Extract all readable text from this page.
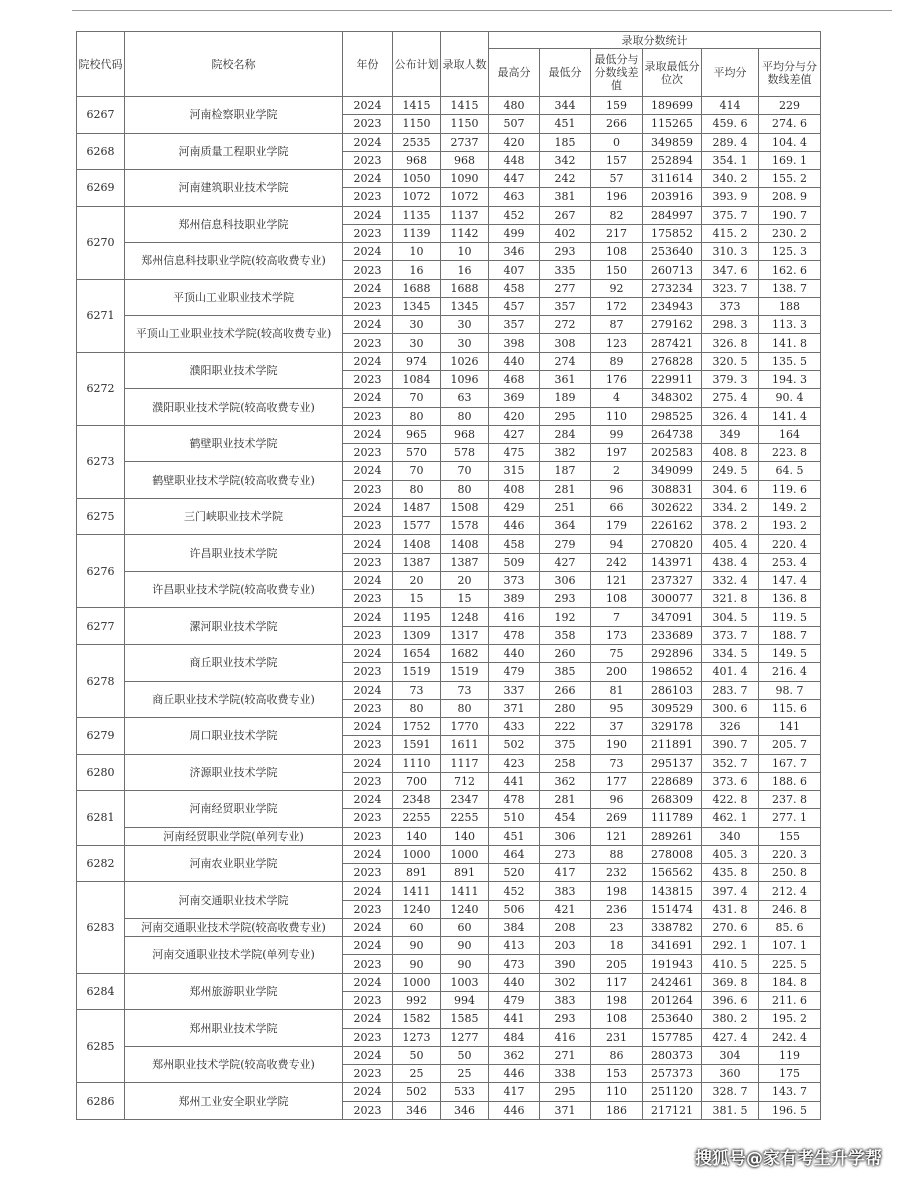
院校代码	院校名称	年份	公布计划	录取人数	录取分数统计					
					最高分	最低分	最低分与分数线差值	录取最低分位次	平均分	平均分与分数线差值
6267	河南检察职业学院	2024	1415	1415	480	344	159	189699	414	229
		2023	1150	1150	507	451	266	115265	459. 6	274. 6
6268	河南质量工程职业学院	2024	2535	2737	420	185	0	349859	289. 4	104. 4
		2023	968	968	448	342	157	252894	354. 1	169. 1
6269	河南建筑职业技术学院	2024	1050	1090	447	242	57	311614	340. 2	155. 2
		2023	1072	1072	463	381	196	203916	393. 9	208. 9
6270	郑州信息科技职业学院	2024	1135	1137	452	267	82	284997	375. 7	190. 7
		2023	1139	1142	499	402	217	175852	415. 2	230. 2
	郑州信息科技职业学院(较高收费专业)	2024	10	10	346	293	108	253640	310. 3	125. 3
		2023	16	16	407	335	150	260713	347. 6	162. 6
6271	平顶山工业职业技术学院	2024	1688	1688	458	277	92	273234	323. 7	138. 7
		2023	1345	1345	457	357	172	234943	373	188
	平顶山工业职业技术学院(较高收费专业)	2024	30	30	357	272	87	279162	298. 3	113. 3
		2023	30	30	398	308	123	287421	326. 8	141. 8
6272	濮阳职业技术学院	2024	974	1026	440	274	89	276828	320. 5	135. 5
		2023	1084	1096	468	361	176	229911	379. 3	194. 3
	濮阳职业技术学院(较高收费专业)	2024	70	63	369	189	4	348302	275. 4	90. 4
		2023	80	80	420	295	110	298525	326. 4	141. 4
6273	鹤壁职业技术学院	2024	965	968	427	284	99	264738	349	164
		2023	570	578	475	382	197	202583	408. 8	223. 8
	鹤壁职业技术学院(较高收费专业)	2024	70	70	315	187	2	349099	249. 5	64. 5
		2023	80	80	408	281	96	308831	304. 6	119. 6
6275	三门峡职业技术学院	2024	1487	1508	429	251	66	302622	334. 2	149. 2
		2023	1577	1578	446	364	179	226162	378. 2	193. 2
6276	许昌职业技术学院	2024	1408	1408	458	279	94	270820	405. 4	220. 4
		2023	1387	1387	509	427	242	143971	438. 4	253. 4
	许昌职业技术学院(较高收费专业)	2024	20	20	373	306	121	237327	332. 4	147. 4
		2023	15	15	389	293	108	300077	321. 8	136. 8
6277	漯河职业技术学院	2024	1195	1248	416	192	7	347091	304. 5	119. 5
		2023	1309	1317	478	358	173	233689	373. 7	188. 7
6278	商丘职业技术学院	2024	1654	1682	440	260	75	292896	334. 5	149. 5
		2023	1519	1519	479	385	200	198652	401. 4	216. 4
	商丘职业技术学院(较高收费专业)	2024	73	73	337	266	81	286103	283. 7	98. 7
		2023	80	80	371	280	95	309529	300. 6	115. 6
6279	周口职业技术学院	2024	1752	1770	433	222	37	329178	326	141
		2023	1591	1611	502	375	190	211891	390. 7	205. 7
6280	济源职业技术学院	2024	1110	1117	423	258	73	295137	352. 7	167. 7
		2023	700	712	441	362	177	228689	373. 6	188. 6
6281	河南经贸职业学院	2024	2348	2347	478	281	96	268309	422. 8	237. 8
		2023	2255	2255	510	454	269	111789	462. 1	277. 1
	河南经贸职业学院(单列专业)	2023	140	140	451	306	121	289261	340	155
6282	河南农业职业学院	2024	1000	1000	464	273	88	278008	405. 3	220. 3
		2023	891	891	520	417	232	156562	435. 8	250. 8
6283	河南交通职业技术学院	2024	1411	1411	452	383	198	143815	397. 4	212. 4
		2023	1240	1240	506	421	236	151474	431. 8	246. 8
	河南交通职业技术学院(较高收费专业)	2024	60	60	384	208	23	338782	270. 6	85. 6
	河南交通职业技术学院(单列专业)	2024	90	90	413	203	18	341691	292. 1	107. 1
		2023	90	90	473	390	205	191943	410. 5	225. 5
6284	郑州旅游职业学院	2024	1000	1003	440	302	117	242461	369. 8	184. 8
		2023	992	994	479	383	198	201264	396. 6	211. 6
6285	郑州职业技术学院	2024	1582	1585	441	293	108	253640	380. 2	195. 2
		2023	1273	1277	484	416	231	157785	427. 4	242. 4
	郑州职业技术学院(较高收费专业)	2024	50	50	362	271	86	280373	304	119
		2023	25	25	446	338	153	257373	360	175
6286	郑州工业安全职业学院	2024	502	533	417	295	110	251120	328. 7	143. 7
		2023	346	346	446	371	186	217121	381. 5	196. 5
搜狐号@家有考生升学帮
